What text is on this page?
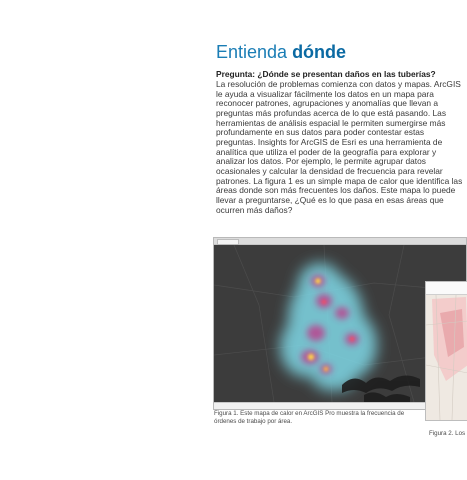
Entienda dónde
Pregunta: ¿Dónde se presentan daños en las tuberías?
La resolución de problemas comienza con datos y mapas. ArcGIS
le ayuda a visualizar fácilmente los datos en un mapa para
reconocer patrones, agrupaciones y anomalías que llevan a
preguntas más profundas acerca de lo que está pasando. Las
herramientas de análisis espacial le permiten sumergirse más
profundamente en sus datos para poder contestar estas
preguntas. Insights for ArcGIS de Esri es una herramienta de
analítica que utiliza el poder de la geografía para explorar y
analizar los datos. Por ejemplo, le permite agrupar datos
ocasionales y calcular la densidad de frecuencia para revelar
patrones. La figura 1 es un simple mapa de calor que identifica las
áreas donde son más frecuentes los daños. Este mapa lo puede
llevar a preguntarse, ¿Qué es lo que pasa en esas áreas que
ocurren más daños?
Figura 1. Este mapa de calor en ArcGIS Pro muestra la frecuencia de
órdenes de trabajo por área.
Figura 2. Los
